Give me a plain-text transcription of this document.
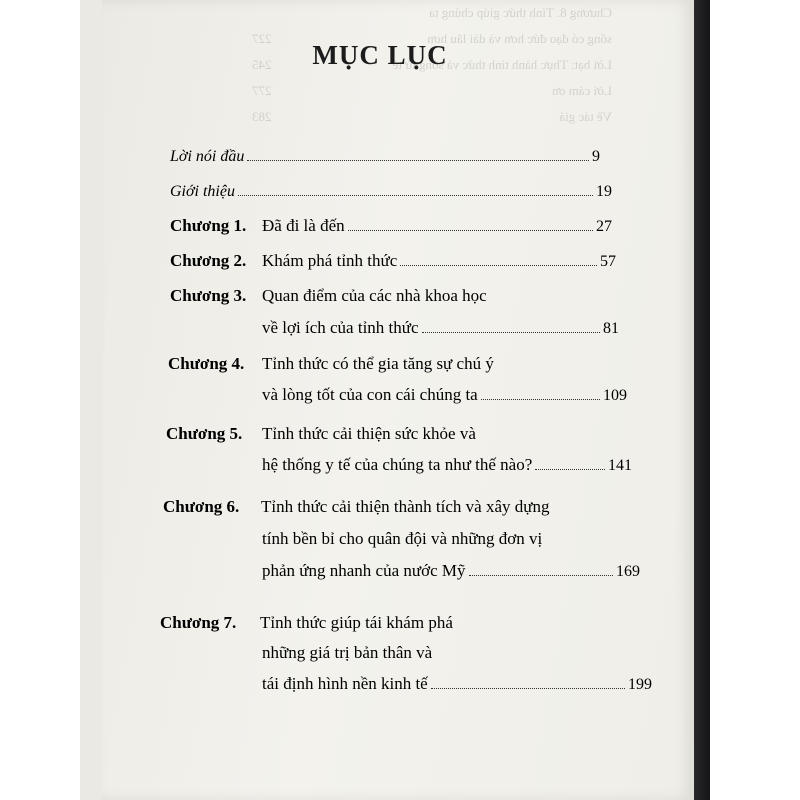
Chương 8. Tỉnh thức giúp chúng ta
sống có đạo đức hơn và dài lâu hơn
227
Lời bạt: Thực hành tỉnh thức và sống tử tế
245
Lời cảm ơn
277
Về tác giả
283
MỤC LỤC
Lời nói đầu	9
Giới thiệu	19
Chương 1. Đã đi là đến	27
Chương 2. Khám phá tỉnh thức	57
Chương 3. Quan điểm của các nhà khoa học
về lợi ích của tỉnh thức	81
Chương 4.	Tỉnh thức có thể gia tăng sự chú ý
và lòng tốt của con cái chúng ta	109
Chương 5.	Tỉnh thức cải thiện sức khỏe và
hệ thống y tế của chúng ta như thế nào?	141
Chương 6.	Tỉnh thức cải thiện thành tích và xây dựng
tính bền bỉ cho quân đội và những đơn vị
phản ứng nhanh của nước Mỹ	169
Chương 7.	Tỉnh thức giúp tái khám phá
những giá trị bản thân và
tái định hình nền kinh tế	199
